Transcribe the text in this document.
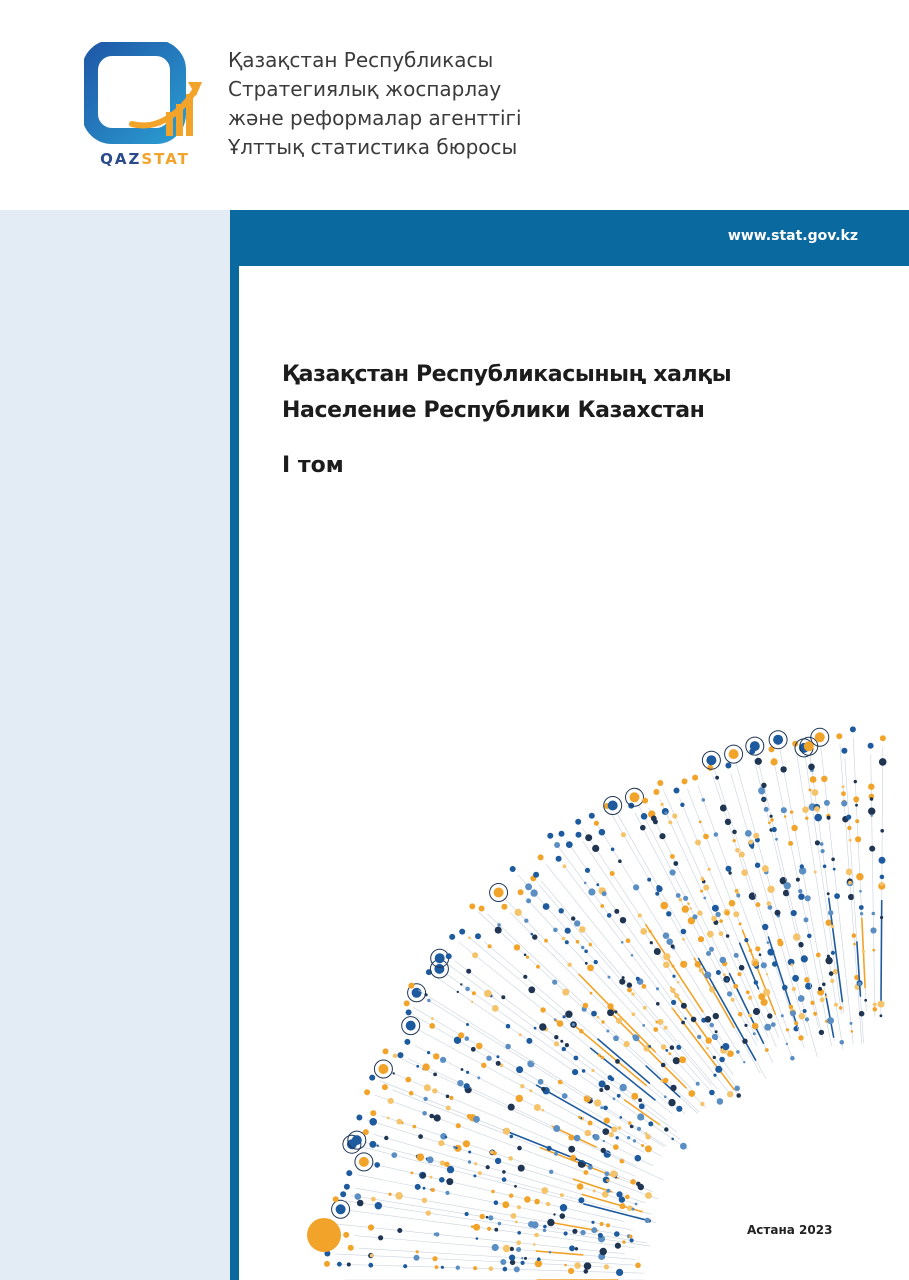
QAZSTAT
Қазақстан Республикасы
Стратегиялық жоспарлау
және реформалар агенттігі
Ұлттық статистика бюросы
www.stat.gov.kz
Қазақстан Республикасының халқы
Население Республики Казахстан
I том
Астана 2023
